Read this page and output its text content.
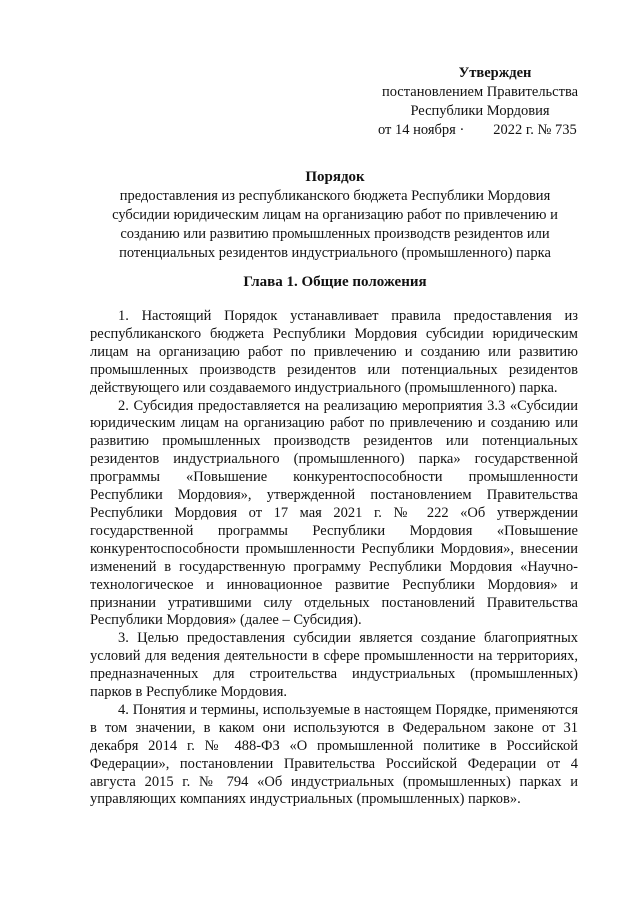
Утвержден
постановлением Правительства
Республики Мордовия
от 14 ноября ·        2022 г. № 735
Порядок
предоставления из республиканского бюджета Республики Мордовия субсидии юридическим лицам на организацию работ по привлечению и созданию или развитию промышленных производств резидентов или потенциальных резидентов индустриального (промышленного) парка
Глава 1. Общие положения

1. Настоящий Порядок устанавливает правила предоставления из республиканского бюджета Республики Мордовия субсидии юридическим лицам на организацию работ по привлечению и созданию или развитию промышленных производств резидентов или потенциальных резидентов действующего или создаваемого индустриального (промышленного) парка.

2. Субсидия предоставляется на реализацию мероприятия 3.3 «Субсидии юридическим лицам на организацию работ по привлечению и созданию или развитию промышленных производств резидентов или потенциальных резидентов индустриального (промышленного) парка» государственной программы «Повышение конкурентоспособности промышленности Республики Мордовия», утвержденной постановлением Правительства Республики Мордовия от 17 мая 2021 г. № 222 «Об утверждении государственной программы Республики Мордовия «Повышение конкурентоспособности промышленности Республики Мордовия», внесении изменений в государственную программу Республики Мордовия «Научно-технологическое и инновационное развитие Республики Мордовия» и признании утратившими силу отдельных постановлений Правительства Республики Мордовия» (далее – Субсидия).

3. Целью предоставления субсидии является создание благоприятных условий для ведения деятельности в сфере промышленности на территориях, предназначенных для строительства индустриальных (промышленных) парков в Республике Мордовия.

4. Понятия и термины, используемые в настоящем Порядке, применяются в том значении, в каком они используются в Федеральном законе от 31 декабря 2014 г. № 488-ФЗ «О промышленной политике в Российской Федерации», постановлении Правительства Российской Федерации от 4 августа 2015 г. № 794 «Об индустриальных (промышленных) парках и управляющих компаниях индустриальных (промышленных) парков».
